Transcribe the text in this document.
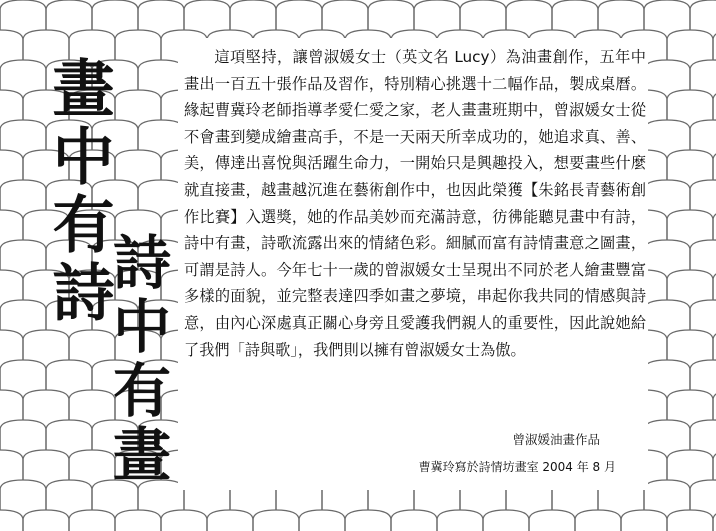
畫中有詩
詩中有畫

這項堅持，讓曾淑媛女士（英文名 Lucy）為油畫創作，五年中畫出一百五十張作品及習作，特別精心挑選十二幅作品，製成桌曆。緣起曹冀玲老師指導孝愛仁愛之家，老人畫畫班期中，曾淑媛女士從不會畫到變成繪畫高手，不是一天兩天所幸成功的，她追求真、善、美，傳達出喜悅與活躍生命力，一開始只是興趣投入，想要畫些什麼就直接畫，越畫越沉進在藝術創作中，也因此榮獲【朱銘長青藝術創作比賽】入選獎，她的作品美妙而充滿詩意，彷彿能聽見畫中有詩，詩中有畫，詩歌流露出來的情緒色彩。細膩而富有詩情畫意之圖畫，可謂是詩人。今年七十一歲的曾淑媛女士呈現出不同於老人繪畫豐富多樣的面貌，並完整表達四季如畫之夢境，串起你我共同的情感與詩意，由內心深處真正關心身旁且愛護我們親人的重要性，因此說她給了我們「詩與歌」，我們則以擁有曾淑媛女士為傲。

曾淑媛油畫作品

曹冀玲寫於詩情坊畫室 2004 年 8 月
